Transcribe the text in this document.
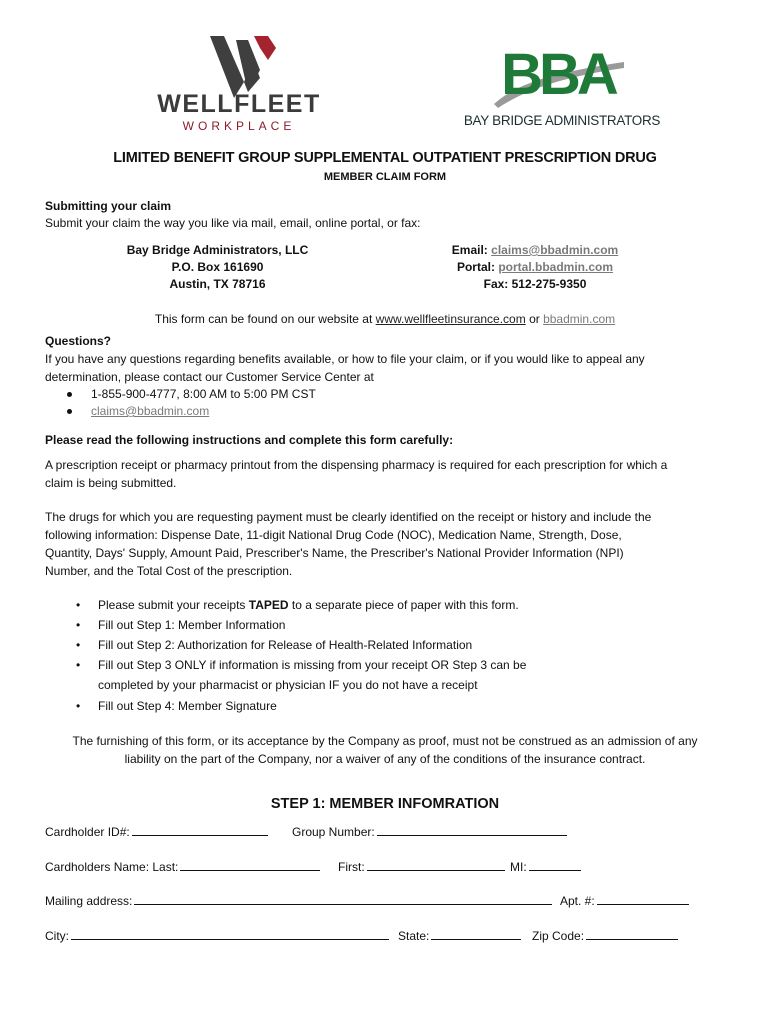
WELLFLEET
WORKPLACE
BBA
BAY BRIDGE ADMINISTRATORS
LIMITED BENEFIT GROUP SUPPLEMENTAL OUTPATIENT PRESCRIPTION DRUG
MEMBER CLAIM FORM
Submitting your claim
Submit your claim the way you like via mail, email, online portal, or fax:
Bay Bridge Administrators, LLC
P.O. Box 161690
Austin, TX 78716
Email: claims@bbadmin.com
Portal: portal.bbadmin.com
Fax: 512-275-9350
This form can be found on our website at www.wellfleetinsurance.com or bbadmin.com
Questions?
If you have any questions regarding benefits available, or how to file your claim, or if you would like to appeal any
determination, please contact our Customer Service Center at
1-855-900-4777, 8:00 AM to 5:00 PM CST
claims@bbadmin.com
Please read the following instructions and complete this form carefully:
A prescription receipt or pharmacy printout from the dispensing pharmacy is required for each prescription for which a
claim is being submitted.
The drugs for which you are requesting payment must be clearly identified on the receipt or history and include the
following information: Dispense Date, 11-digit National Drug Code (NOC), Medication Name, Strength, Dose,
Quantity, Days' Supply, Amount Paid, Prescriber's Name, the Prescriber's National Provider Information (NPI)
Number, and the Total Cost of the prescription.
• Please submit your receipts TAPED to a separate piece of paper with this form.
• Fill out Step 1: Member Information
• Fill out Step 2: Authorization for Release of Health-Related Information
• Fill out Step 3 ONLY if information is missing from your receipt OR Step 3 can be
completed by your pharmacist or physician IF you do not have a receipt
• Fill out Step 4: Member Signature
The furnishing of this form, or its acceptance by the Company as proof, must not be construed as an admission of any
liability on the part of the Company, nor a waiver of any of the conditions of the insurance contract.
STEP 1: MEMBER INFOMRATION
Cardholder ID#:	Group Number:
Cardholders Name: Last:	First:	MI:
Mailing address:	Apt. #:
City:	State:	Zip Code:
